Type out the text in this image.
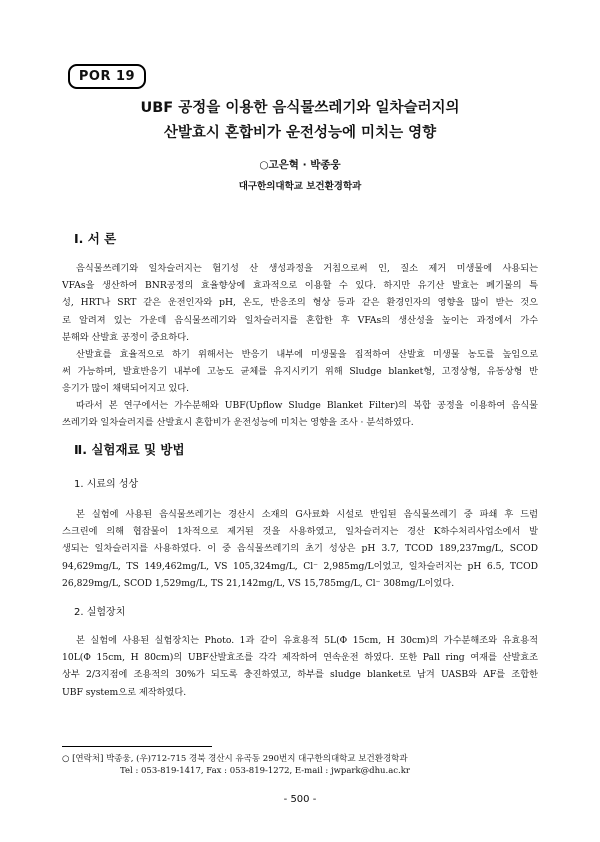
POR 19
UBF 공정을 이용한 음식물쓰레기와 일차슬러지의
산발효시 혼합비가 운전성능에 미치는 영향
○고은혁 · 박종웅
대구한의대학교 보건환경학과
Ⅰ. 서 론
음식물쓰레기와 일차슬러지는 혐기성 산 생성과정을 거침으로써 인, 질소 제거 미생물에 사용되는
VFAs을 생산하여 BNR공정의 효율향상에 효과적으로 이용할 수 있다. 하지만 유기산 발효는 폐기물의 특
성, HRT나 SRT 같은 운전인자와 pH, 온도, 반응조의 형상 등과 같은 환경인자의 영향을 많이 받는 것으
로 알려져 있는 가운데 음식물쓰레기와 일차슬러지를 혼합한 후 VFAs의 생산성을 높이는 과정에서 가수
분해와 산발효 공정이 중요하다.
산발효를 효율적으로 하기 위해서는 반응기 내부에 미생물을 집적하여 산발효 미생물 농도를 높임으로
써 가능하며, 발효반응기 내부에 고농도 균체를 유지시키기 위해 Sludge blanket형, 고정상형, 유동상형 반
응기가 많이 채택되어지고 있다.
따라서 본 연구에서는 가수분해와 UBF(Upflow Sludge Blanket Filter)의 복합 공정을 이용하여 음식물
쓰레기와 일차슬러지를 산발효시 혼합비가 운전성능에 미치는 영향을 조사 · 분석하였다.
Ⅱ. 실험재료 및 방법
1. 시료의 성상
본 실험에 사용된 음식물쓰레기는 경산시 소재의 G사료화 시설로 반입된 음식물쓰레기 중 파쇄 후 드럼
스크린에 의해 협잡물이 1차적으로 제거된 것을 사용하였고, 일차슬러지는 경산 K하수처리사업소에서 발
생되는 일차슬러지를 사용하였다. 이 중 음식물쓰레기의 초기 성상은 pH 3.7, TCOD 189,237mg/L, SCOD
94,629mg/L, TS 149,462mg/L, VS 105,324mg/L, Cl⁻ 2,985mg/L이었고, 일차슬러지는 pH 6.5, TCOD
26,829mg/L, SCOD 1,529mg/L, TS 21,142mg/L, VS 15,785mg/L, Cl⁻ 308mg/L이었다.
2. 실험장치
본 실험에 사용된 실험장치는 Photo. 1과 같이 유효용적 5L(Φ 15cm, H 30cm)의 가수분해조와 유효용적
10L(Φ 15cm, H 80cm)의 UBF산발효조를 각각 제작하여 연속운전 하였다. 또한 Pall ring 여재를 산발효조
상부 2/3지점에 조용적의 30%가 되도록 충진하였고, 하부를 sludge blanket로 남겨 UASB와 AF를 조합한
UBF system으로 제작하였다.
○ [연락처] 박종웅, (우)712-715 경북 경산시 유곡동 290번지 대구한의대학교 보건환경학과
Tel : 053-819-1417, Fax : 053-819-1272, E-mail : jwpark@dhu.ac.kr
- 500 -
